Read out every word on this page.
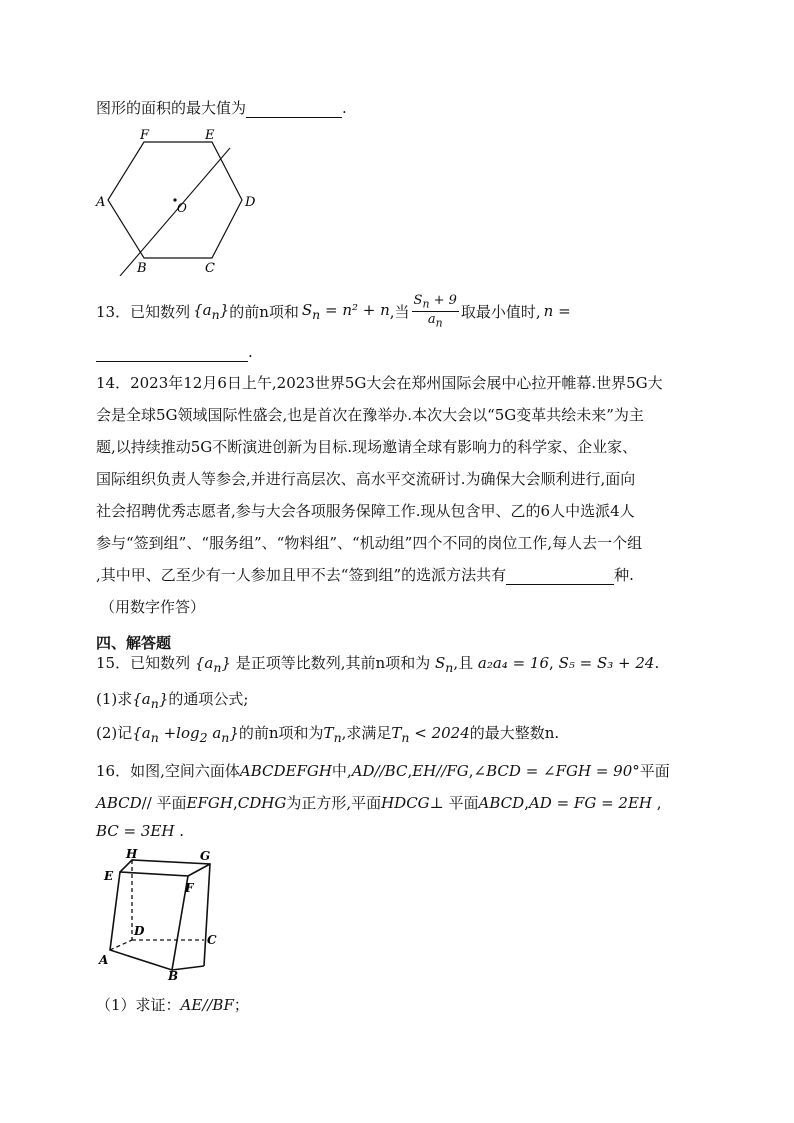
图形的面积的最大值为	.
F	E
A	D
B	C
O
13．已知数列 $\{a_n\}$ 的前n项和 $S_n = n^2 + n$ ,当 $\frac{S_n + 9}{a_n}$ 取最小值时, n =
.
14．2023年12月6日上午,2023世界5G大会在郑州国际会展中心拉开帷幕.世界5G大
会是全球5G领域国际性盛会,也是首次在豫举办.本次大会以“5G变革共绘未来”为主
题,以持续推动5G不断演进创新为目标.现场邀请全球有影响力的科学家、企业家、
国际组织负责人等参会,并进行高层次、高水平交流研讨.为确保大会顺利进行,面向
社会招聘优秀志愿者,参与大会各项服务保障工作.现从包含甲、乙的6人中选派4人
参与“签到组”、“服务组”、“物料组”、“机动组”四个不同的岗位工作,每人去一个组
,其中甲、乙至少有一人参加且甲不去“签到组”的选派方法共有	种.
（用数字作答）
四、解答题
15．已知数列 $\{a_n\}$ 是正项等比数列,其前n项和为 $S_n$,且 a₂a₄ = 16, S₅ = S₃ + 24.
(1)求$\{a_n\}$的通项公式;
(2)记{$a_n +\log_2$ $a_n$}的前n项和为$T_n$,求满足$T_n < 2024$的最大整数n.
16．如图,空间六面体ABCDEFGH中,AD//BC,EH//FG,∠BCD = ∠FGH = 90°平面
ABCD// 平面EFGH,CDHG为正方形,平面HDCG⊥ 平面ABCD,AD = FG = 2EH ,
BC = 3EH .
H	G
E
F
D
C
A
B
（1）求证：AE//BF；
